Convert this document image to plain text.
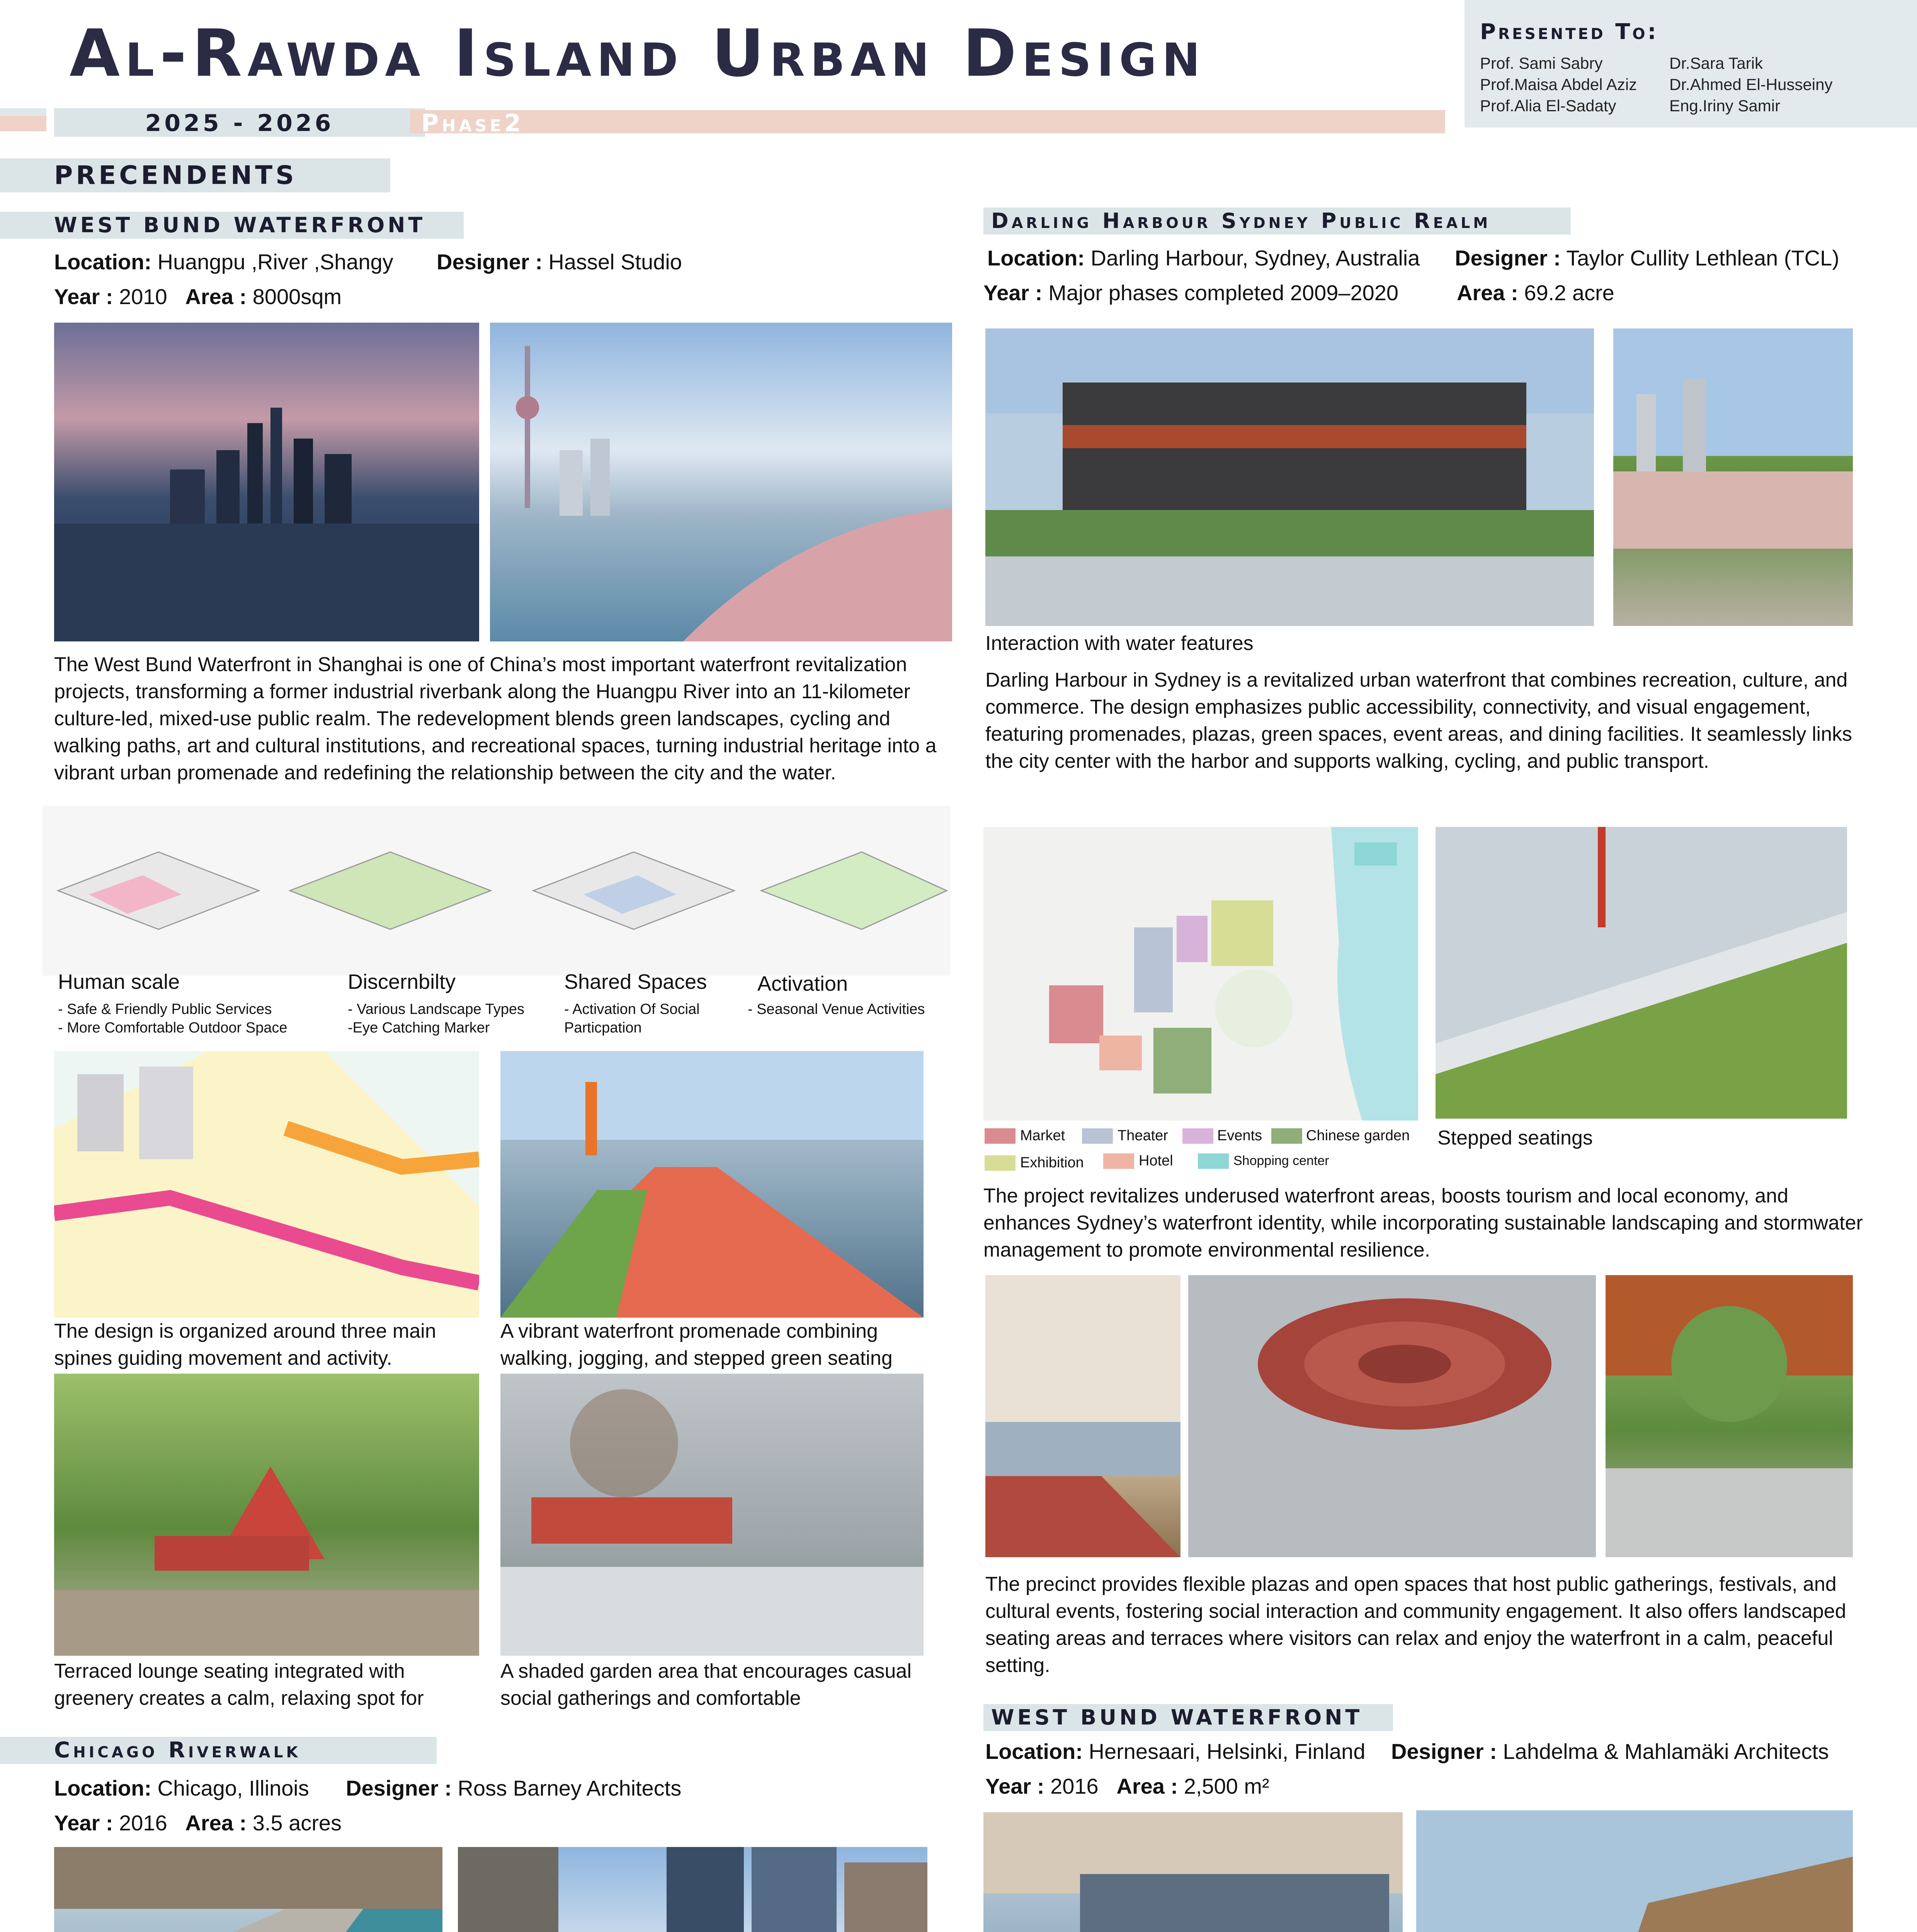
Al-Rawda Island Urban Design
2025 - 2026	Phase2
Presented To:
Prof. Sami Sabry
Prof.Maisa Abdel Aziz
Prof.Alia El-Sadaty
Dr.Sara Tarik
Dr.Ahmed El-Husseiny
Eng.Iriny Samir
PRECENDENTS
WEST BUND WATERFRONT
Location: Huangpu ,River ,Shangy Designer : Hassel Studio
Year : 2010 Area : 8000sqm
The West Bund Waterfront in Shanghai is one of China’s most important waterfront revitalization projects, transforming a former industrial riverbank along the Huangpu River into an 11-kilometer culture-led, mixed-use public realm. The redevelopment blends green landscapes, cycling and walking paths, art and cultural institutions, and recreational spaces, turning industrial heritage into a vibrant urban promenade and redefining the relationship between the city and the water.
Human scale
- Safe & Friendly Public Services
- More Comfortable Outdoor Space
Discernbilty
- Various Landscape Types
-Eye Catching Marker
Shared Spaces
- Activation Of Social
Particpation
Activation
- Seasonal Venue Activities
The design is organized around three main spines guiding movement and activity.
A vibrant waterfront promenade combining walking, jogging, and stepped green seating
Terraced lounge seating integrated with greenery creates a calm, relaxing spot for
A shaded garden area that encourages casual social gatherings and comfortable
Chicago Riverwalk
Location: Chicago, Illinois Designer : Ross Barney Architects
Year : 2016 Area : 3.5 acres
Darling Harbour Sydney Public Realm
Location: Darling Harbour, Sydney, Australia Designer : Taylor Cullity Lethlean (TCL)
Year : Major phases completed 2009–2020	Area : 69.2 acre
Interaction with water features
Darling Harbour in Sydney is a revitalized urban waterfront that combines recreation, culture, and commerce. The design emphasizes public accessibility, connectivity, and visual engagement, featuring promenades, plazas, green spaces, event areas, and dining facilities. It seamlessly links the city center with the harbor and supports walking, cycling, and public transport.
Market	Theater	Events	Chinese garden
Exhibition	Hotel	Shopping center
Stepped seatings
The project revitalizes underused waterfront areas, boosts tourism and local economy, and enhances Sydney’s waterfront identity, while incorporating sustainable landscaping and stormwater management to promote environmental resilience.
The precinct provides flexible plazas and open spaces that host public gatherings, festivals, and cultural events, fostering social interaction and community engagement. It also offers landscaped seating areas and terraces where visitors can relax and enjoy the waterfront in a calm, peaceful setting.
WEST BUND WATERFRONT
Location: Hernesaari, Helsinki, Finland Designer : Lahdelma & Mahlamäki Architects
Year : 2016 Area : 2,500 m²
